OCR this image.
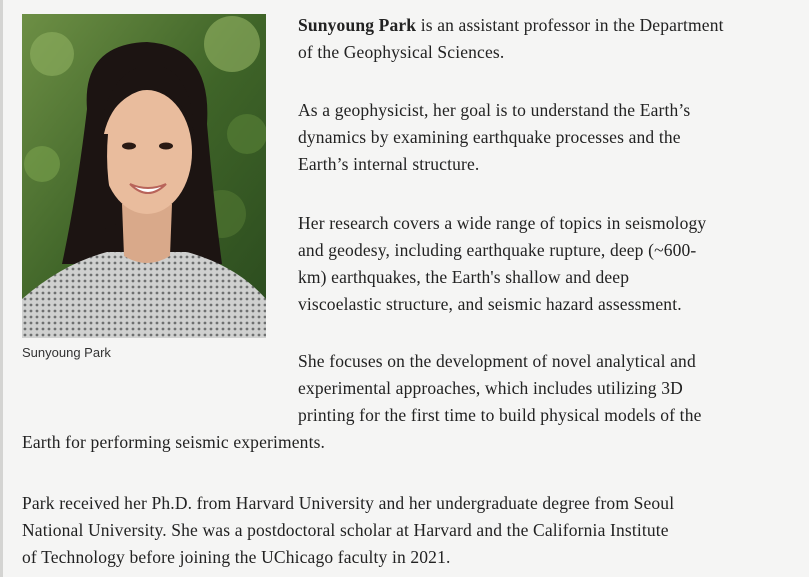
Sunyoung Park

Sunyoung Park is an assistant professor in the Department
of the Geophysical Sciences.

As a geophysicist, her goal is to understand the Earth’s
dynamics by examining earthquake processes and the
Earth’s internal structure.

Her research covers a wide range of topics in seismology
and geodesy, including earthquake rupture, deep (~600-
km) earthquakes, the Earth's shallow and deep
viscoelastic structure, and seismic hazard assessment.

She focuses on the development of novel analytical and
experimental approaches, which includes utilizing 3D
printing for the first time to build physical models of the

Earth for performing seismic experiments.

Park received her Ph.D. from Harvard University and her undergraduate degree from Seoul
National University. She was a postdoctoral scholar at Harvard and the California Institute
of Technology before joining the UChicago faculty in 2021.
